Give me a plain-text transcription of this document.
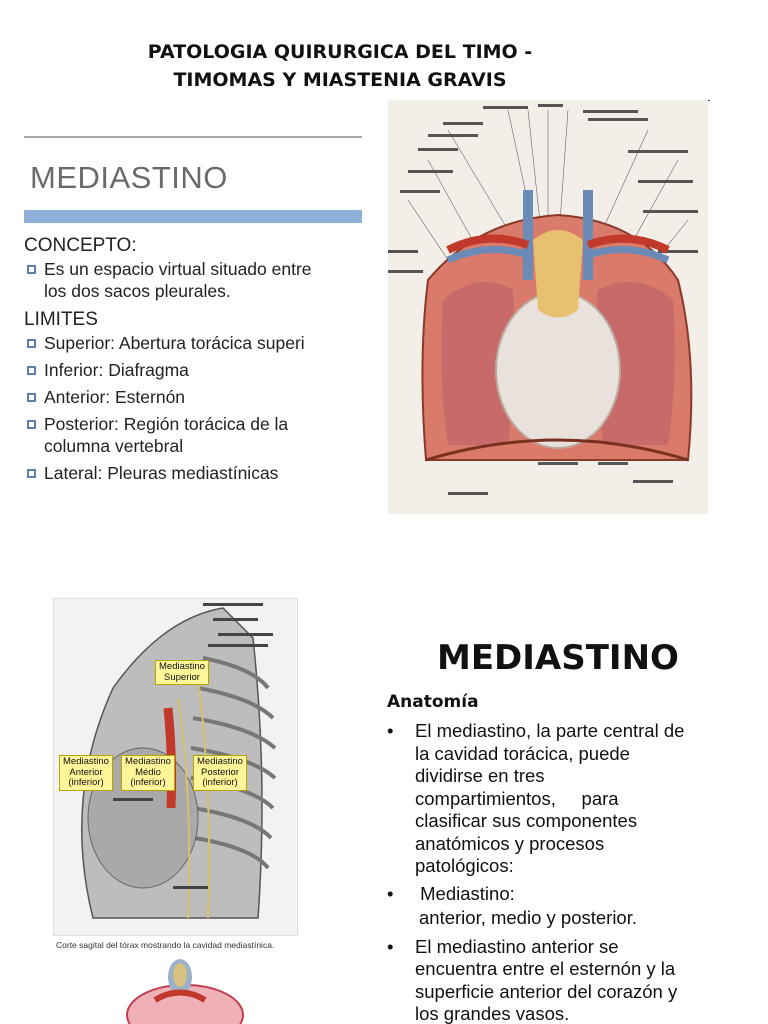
PATOLOGIA QUIRURGICA DEL TIMO -
TIMOMAS Y MIASTENIA GRAVIS
MEDIASTINO
CONCEPTO:
Es un espacio virtual situado entre
los dos sacos pleurales.
LIMITES
Superior: Abertura torácica superi
Inferior: Diafragma
Anterior: Esternón
Posterior: Región torácica de la
columna vertebral
Lateral: Pleuras mediastínicas
Mediastino
Superior
Mediastino
Anterior
(inferior)
Mediastino
Médio
(inferior)
Mediastino
Posterior
(inferior)
Corte sagital del tórax mostrando la cavidad mediastínica.
MEDIASTINO
Anatomía
•	El mediastino, la parte central de
la cavidad torácica, puede
dividirse en tres
compartimientos,     para
clasificar sus componentes
anatómicos y procesos
patológicos:
•	Mediastino:
anterior, medio y posterior.
•	El mediastino anterior se
encuentra entre el esternón y la
superficie anterior del corazón y
los grandes vasos.
